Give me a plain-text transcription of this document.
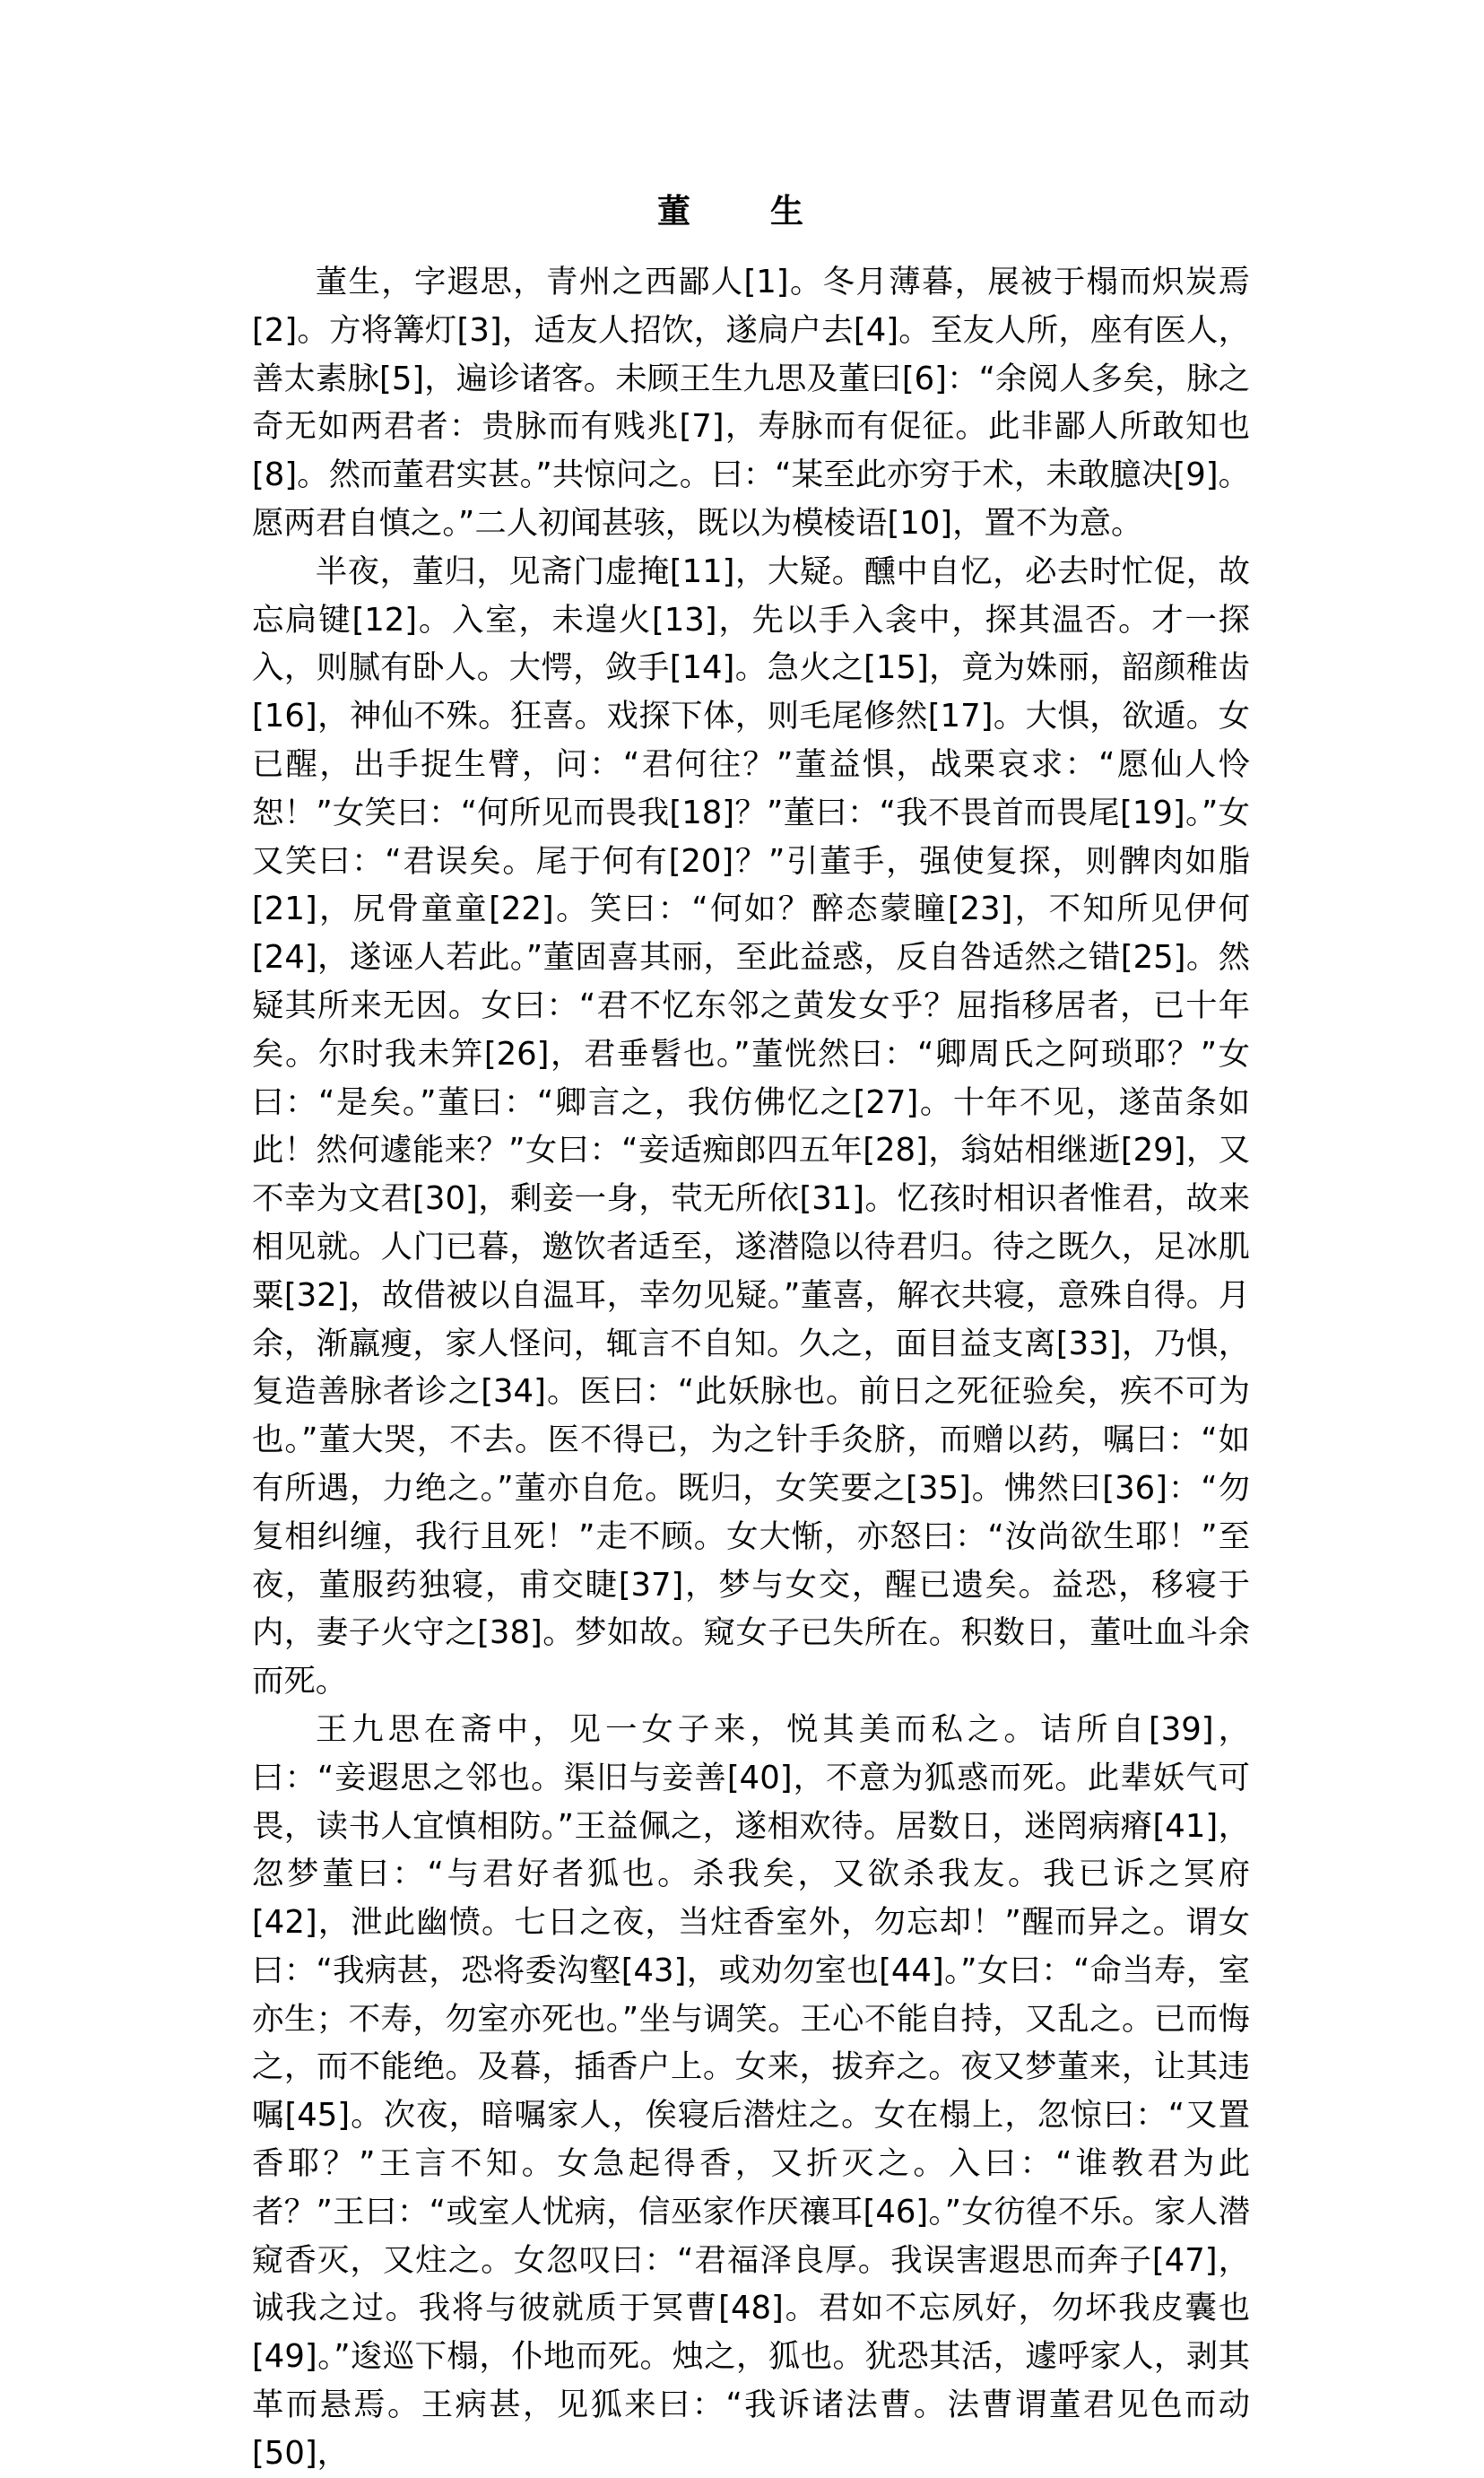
董　生

董生，字遐思，青州之西鄙人[1]。冬月薄暮，展被于榻而炽炭焉[2]。方将篝灯[3]，适友人招饮，遂扃户去[4]。至友人所，座有医人，善太素脉[5]，遍诊诸客。未顾王生九思及董曰[6]：“余阅人多矣，脉之奇无如两君者：贵脉而有贱兆[7]，寿脉而有促征。此非鄙人所敢知也[8]。然而董君实甚。”共惊问之。曰：“某至此亦穷于术，未敢臆决[9]。愿两君自慎之。”二人初闻甚骇，既以为模棱语[10]，置不为意。

半夜，董归，见斋门虚掩[11]，大疑。醺中自忆，必去时忙促，故忘扃键[12]。入室，未遑火[13]，先以手入衾中，探其温否。才一探入，则腻有卧人。大愕，敛手[14]。急火之[15]，竟为姝丽，韶颜稚齿[16]，神仙不殊。狂喜。戏探下体，则毛尾修然[17]。大惧，欲遁。女已醒，出手捉生臂，问：“君何往？”董益惧，战栗哀求：“愿仙人怜恕！”女笑曰：“何所见而畏我[18]？”董曰：“我不畏首而畏尾[19]。”女又笑曰：“君误矣。尾于何有[20]？”引董手，强使复探，则髀肉如脂[21]，尻骨童童[22]。笑曰：“何如？醉态蒙瞳[23]，不知所见伊何[24]，遂诬人若此。”董固喜其丽，至此益惑，反自咎适然之错[25]。然疑其所来无因。女曰：“君不忆东邻之黄发女乎？屈指移居者，已十年矣。尔时我未笄[26]，君垂髫也。”董恍然曰：“卿周氏之阿琐耶？”女曰：“是矣。”董曰：“卿言之，我仿佛忆之[27]。十年不见，遂苗条如此！然何遽能来？”女曰：“妾适痴郎四五年[28]，翁姑相继逝[29]，又不幸为文君[30]，剩妾一身，茕无所依[31]。忆孩时相识者惟君，故来相见就。人门已暮，邀饮者适至，遂潜隐以待君归。待之既久，足冰肌粟[32]，故借被以自温耳，幸勿见疑。”董喜，解衣共寝，意殊自得。月余，渐羸瘦，家人怪问，辄言不自知。久之，面目益支离[33]，乃惧，复造善脉者诊之[34]。医曰：“此妖脉也。前日之死征验矣，疾不可为也。”董大哭，不去。医不得已，为之针手灸脐，而赠以药，嘱曰：“如有所遇，力绝之。”董亦自危。既归，女笑要之[35]。怫然曰[36]：“勿复相纠缠，我行且死！”走不顾。女大惭，亦怒曰：“汝尚欲生耶！”至夜，董服药独寝，甫交睫[37]，梦与女交，醒已遗矣。益恐，移寝于内，妻子火守之[38]。梦如故。窥女子已失所在。积数日，董吐血斗余而死。

王九思在斋中，见一女子来，悦其美而私之。诘所自[39]，曰：“妾遐思之邻也。渠旧与妾善[40]，不意为狐惑而死。此辈妖气可畏，读书人宜慎相防。”王益佩之，遂相欢待。居数日，迷罔病瘠[41]，忽梦董曰：“与君好者狐也。杀我矣，又欲杀我友。我已诉之冥府[42]，泄此幽愤。七日之夜，当炷香室外，勿忘却！”醒而异之。谓女曰：“我病甚，恐将委沟壑[43]，或劝勿室也[44]。”女曰：“命当寿，室亦生；不寿，勿室亦死也。”坐与调笑。王心不能自持，又乱之。已而悔之，而不能绝。及暮，插香户上。女来，拔弃之。夜又梦董来，让其违嘱[45]。次夜，暗嘱家人，俟寝后潜炷之。女在榻上，忽惊曰：“又置香耶？”王言不知。女急起得香，又折灭之。入曰：“谁教君为此者？”王曰：“或室人忧病，信巫家作厌禳耳[46]。”女彷徨不乐。家人潜窥香灭，又炷之。女忽叹曰：“君福泽良厚。我误害遐思而奔子[47]，诚我之过。我将与彼就质于冥曹[48]。君如不忘夙好，勿坏我皮囊也[49]。”逡巡下榻，仆地而死。烛之，狐也。犹恐其活，遽呼家人，剥其革而悬焉。王病甚，见狐来曰：“我诉诸法曹。法曹谓董君见色而动[50]，
